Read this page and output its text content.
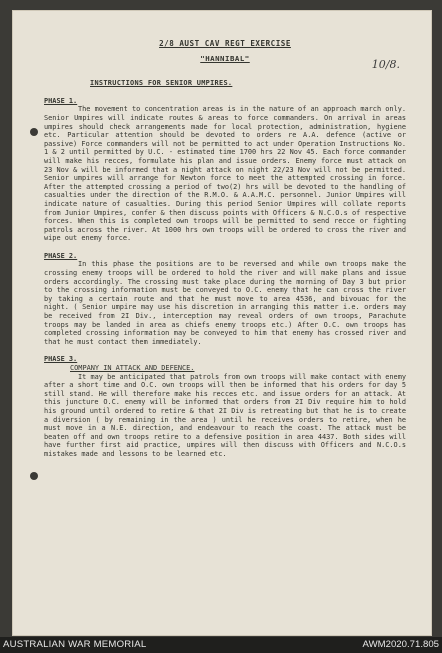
10/8.
2/8 AUST CAV REGT EXERCISE
"HANNIBAL"
INSTRUCTIONS FOR SENIOR UMPIRES.
PHASE 1.
The movement to concentration areas is in the nature of an approach march only. Senior Umpires will indicate routes & areas to force commanders. On arrival in areas umpires should check arrangements made for local protection, administration, hygiene etc. Particular attention should be devoted to orders re A.A. defence (active or passive) Force commanders will not be permitted to act under Operation Instructions No. 1 & 2 until permitted by U.C. - estimated time 1700 hrs 22 Nov 45. Each force commander will make his recces, formulate his plan and issue orders. Enemy force must attack on 23 Nov & will be informed that a night attack on night 22/23 Nov will not be permitted. Senior umpires will arrange for Newton force to meet the attempted crossing in force. After the attempted crossing a period of two(2) hrs will be devoted to the handling of casualties under the direction of the R.M.O. & A.A.M.C. personnel. Junior Umpires will indicate nature of casualties. During this period Senior Umpires will collate reports from Junior Umpires, confer & then discuss points with Officers & N.C.O.s of respective forces. When this is completed own troops will be permitted to send recce or fighting patrols across the river. At 1000 hrs own troops will be ordered to cross the river and wipe out enemy force.
PHASE 2.
In this phase the positions are to be reversed and while own troops make the crossing enemy troops will be ordered to hold the river and will make plans and issue orders accordingly. The crossing must take place during the morning of Day 3 but prior to the crossing information must be conveyed to O.C. enemy that he can cross the river by taking a certain route and that he must move to area 4536, and bivouac for the night. ( Senior umpire may use his discretion in arranging this matter i.e. orders may be received from 2I Div., interception may reveal orders of own troops, Parachute troops may be landed in area as chiefs enemy troops etc.) After O.C. own troops has completed crossing information may be conveyed to him that enemy has crossed river and that he must contact them immediately.
PHASE 3.
COMPANY IN ATTACK AND DEFENCE.
It may be anticipated that patrols from own troops will make contact with enemy after a short time and O.C. own troops will then be informed that his orders for day 5 still stand. He will therefore make his recces etc. and issue orders for an attack. At this juncture O.C. enemy will be informed that orders from 2I Div require him to hold his ground until ordered to retire & that 2I Div is retreating but that he is to create a diversion ( by remaining in the area ) until he receives orders to retire, when he must move in a N.E. direction, and endeavour to reach the coast. The attack must be beaten off and own troops retire to a defensive position in area 4437. Both sides will have further first aid practice, umpires will then discuss with Officers and N.C.O.s mistakes made and lessons to be learned etc.
AUSTRALIAN WAR MEMORIAL	AWM2020.71.805
